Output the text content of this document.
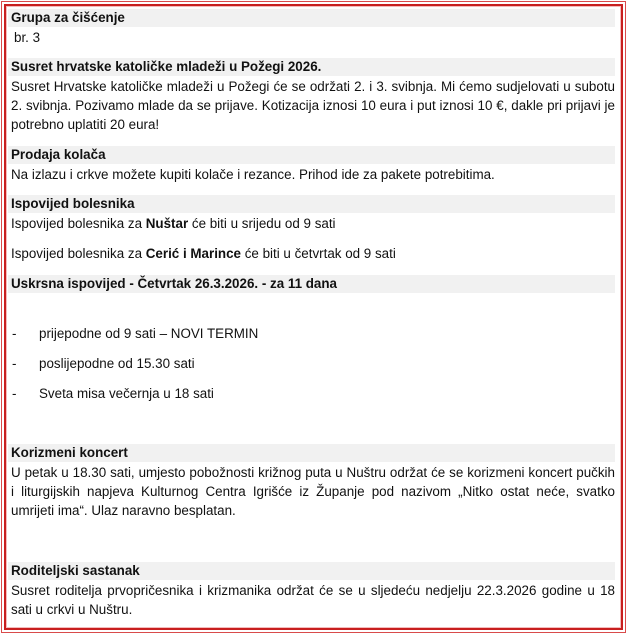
Grupa za čišćenje
br. 3
Susret hrvatske katoličke mladeži u Požegi 2026.
Susret Hrvatske katoličke mladeži u Požegi će se održati 2. i 3. svibnja. Mi ćemo sudjelovati u subotu 2. svibnja. Pozivamo mlade da se prijave. Kotizacija iznosi 10 eura i put iznosi 10 €, dakle pri prijavi je potrebno uplatiti 20 eura!
Prodaja kolača
Na izlazu i crkve možete kupiti kolače i rezance. Prihod ide za pakete potrebitima.
Ispovijed bolesnika
Ispovijed bolesnika za Nuštar će biti u srijedu od 9 sati
Ispovijed bolesnika za Cerić i Marince će biti u četvrtak od 9 sati
Uskrsna ispovijed - Četvrtak 26.3.2026. - za 11 dana
- prijepodne od 9 sati – NOVI TERMIN
- poslijepodne od 15.30 sati
- Sveta misa večernja u 18 sati
Korizmeni koncert
U petak u 18.30 sati, umjesto pobožnosti križnog puta u Nuštru održat će se korizmeni koncert pučkih i liturgijskih napjeva Kulturnog Centra Igrišće iz Županje pod nazivom „Nitko ostat neće, svatko umrijeti ima“. Ulaz naravno besplatan.
Roditeljski sastanak
Susret roditelja prvopričesnika i krizmanika održat će se u sljedeću nedjelju 22.3.2026 godine u 18 sati u crkvi u Nuštru.
